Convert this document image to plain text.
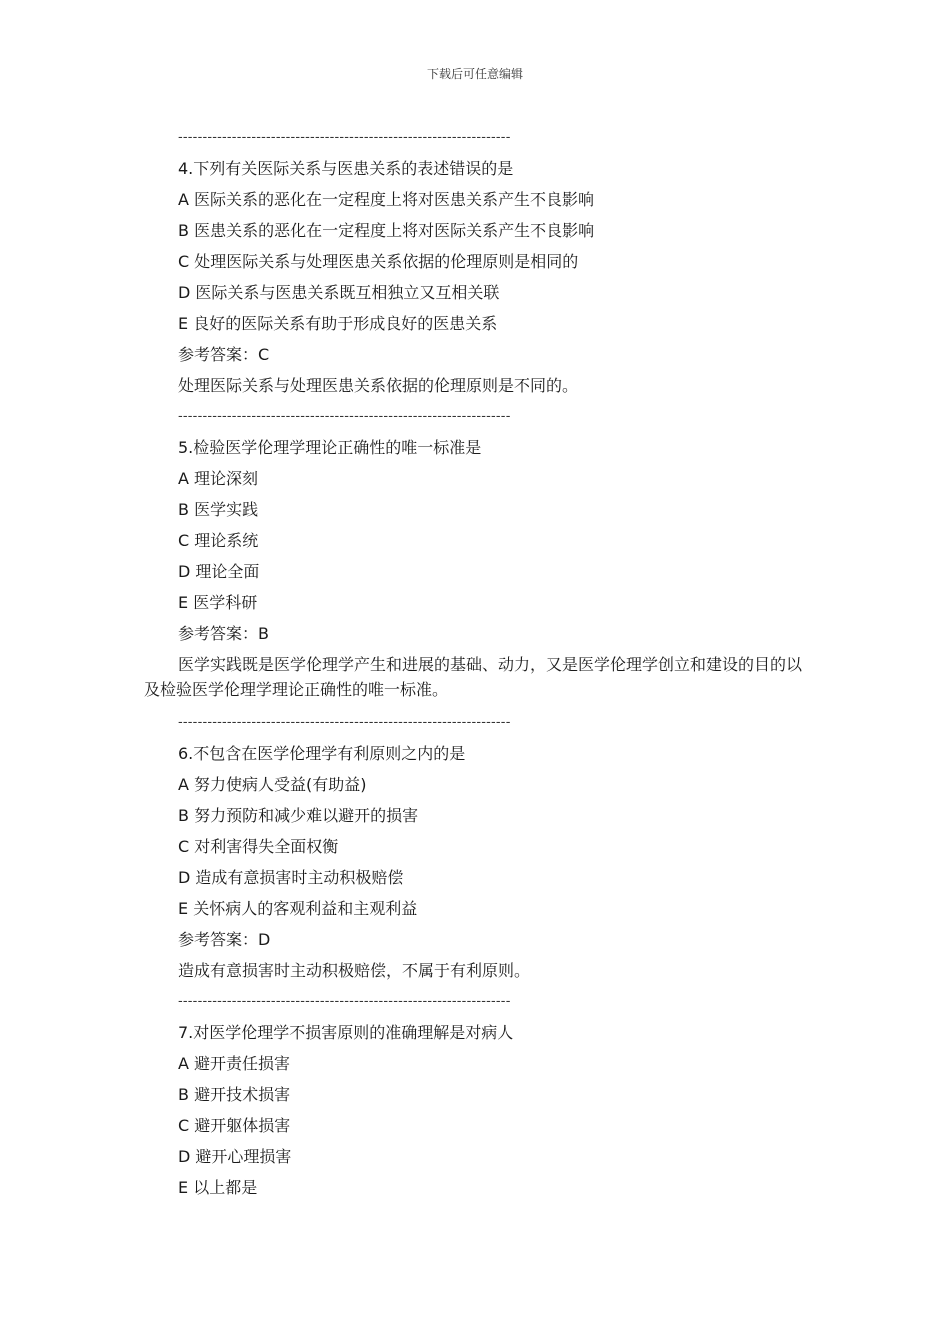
下载后可任意编辑
--------------------------------------------------------------------
4.下列有关医际关系与医患关系的表述错误的是
A 医际关系的恶化在一定程度上将对医患关系产生不良影响
B 医患关系的恶化在一定程度上将对医际关系产生不良影响
C 处理医际关系与处理医患关系依据的伦理原则是相同的
D 医际关系与医患关系既互相独立又互相关联
E 良好的医际关系有助于形成良好的医患关系
参考答案：C
处理医际关系与处理医患关系依据的伦理原则是不同的。
--------------------------------------------------------------------
5.检验医学伦理学理论正确性的唯一标准是
A 理论深刻
B 医学实践
C 理论系统
D 理论全面
E 医学科研
参考答案：B
医学实践既是医学伦理学产生和进展的基础、动力，又是医学伦理学创立和建设的目的以及检验医学伦理学理论正确性的唯一标准。
--------------------------------------------------------------------
6.不包含在医学伦理学有利原则之内的是
A 努力使病人受益(有助益)
B 努力预防和减少难以避开的损害
C 对利害得失全面权衡
D 造成有意损害时主动积极赔偿
E 关怀病人的客观利益和主观利益
参考答案：D
造成有意损害时主动积极赔偿，不属于有利原则。
--------------------------------------------------------------------
7.对医学伦理学不损害原则的准确理解是对病人
A 避开责任损害
B 避开技术损害
C 避开躯体损害
D 避开心理损害
E 以上都是
